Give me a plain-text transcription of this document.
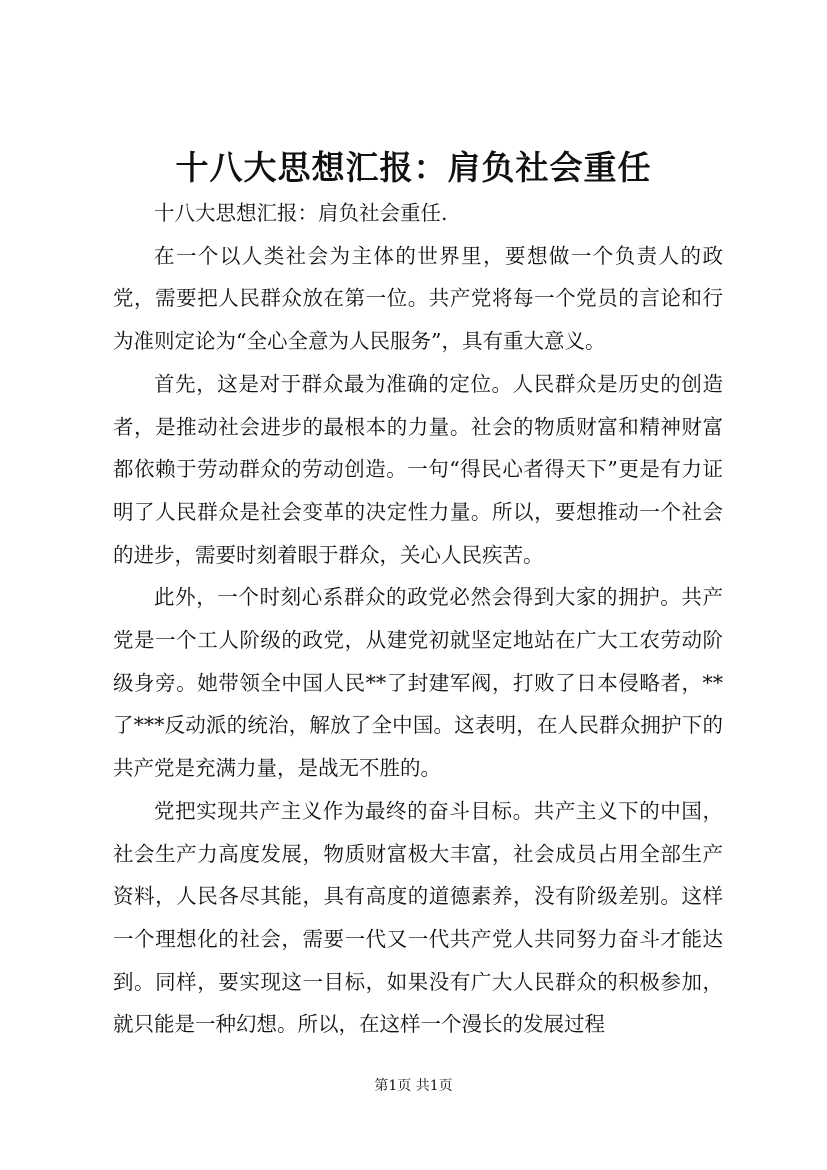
十八大思想汇报：肩负社会重任

十八大思想汇报：肩负社会重任.

在一个以人类社会为主体的世界里，要想做一个负责人的政党，需要把人民群众放在第一位。共产党将每一个党员的言论和行为准则定论为“全心全意为人民服务”，具有重大意义。

首先，这是对于群众最为准确的定位。人民群众是历史的创造者，是推动社会进步的最根本的力量。社会的物质财富和精神财富都依赖于劳动群众的劳动创造。一句“得民心者得天下”更是有力证明了人民群众是社会变革的决定性力量。所以，要想推动一个社会的进步，需要时刻着眼于群众，关心人民疾苦。

此外，一个时刻心系群众的政党必然会得到大家的拥护。共产党是一个工人阶级的政党，从建党初就坚定地站在广大工农劳动阶级身旁。她带领全中国人民**了封建军阀，打败了日本侵略者，**了***反动派的统治，解放了全中国。这表明，在人民群众拥护下的共产党是充满力量，是战无不胜的。

党把实现共产主义作为最终的奋斗目标。共产主义下的中国，社会生产力高度发展，物质财富极大丰富，社会成员占用全部生产资料，人民各尽其能，具有高度的道德素养，没有阶级差别。这样一个理想化的社会，需要一代又一代共产党人共同努力奋斗才能达到。同样，要实现这一目标，如果没有广大人民群众的积极参加，就只能是一种幻想。所以，在这样一个漫长的发展过程

第1页 共1页
